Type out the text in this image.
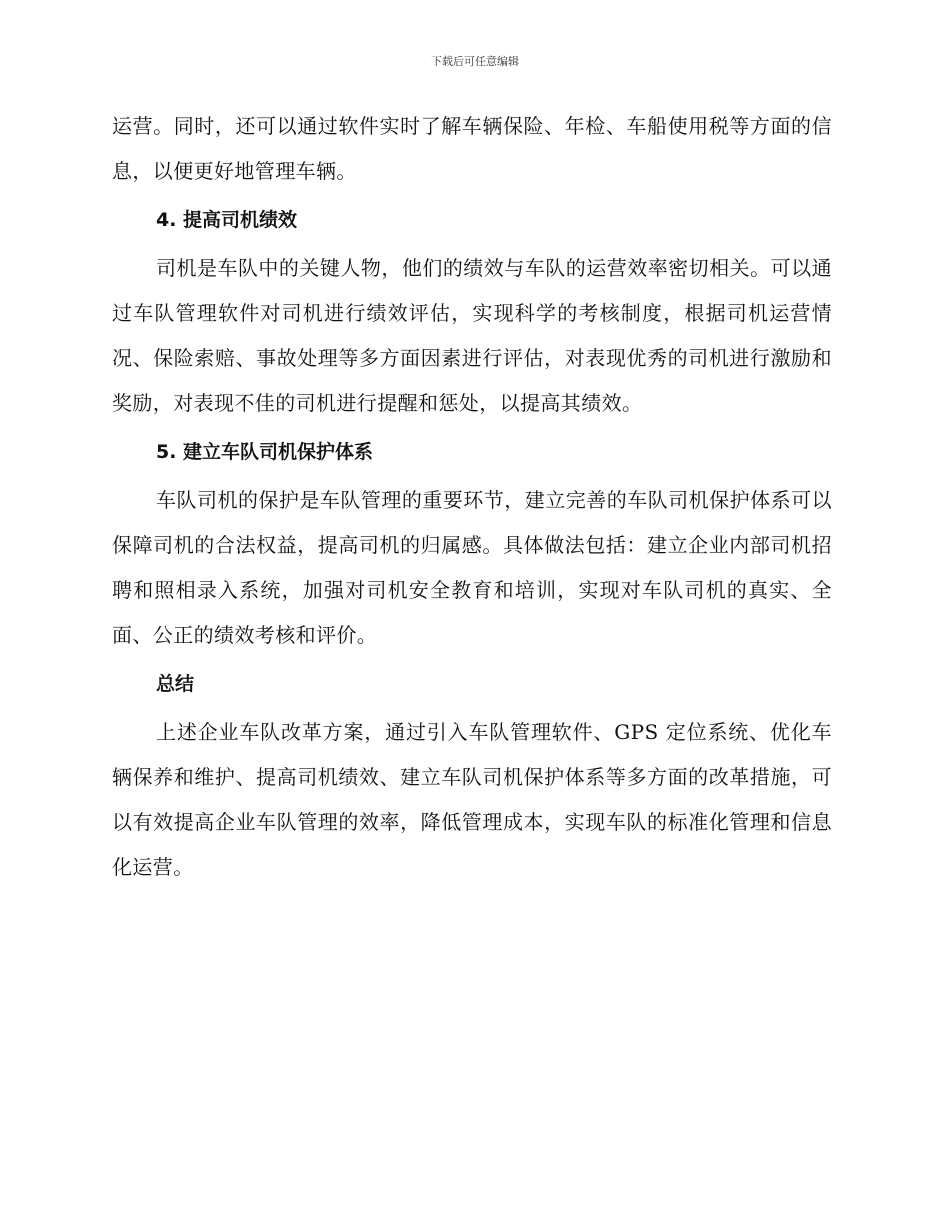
下载后可任意编辑

运营。同时，还可以通过软件实时了解车辆保险、年检、车船使用税等方面的信息，以便更好地管理车辆。

4. 提高司机绩效

司机是车队中的关键人物，他们的绩效与车队的运营效率密切相关。可以通过车队管理软件对司机进行绩效评估，实现科学的考核制度，根据司机运营情况、保险索赔、事故处理等多方面因素进行评估，对表现优秀的司机进行激励和奖励，对表现不佳的司机进行提醒和惩处，以提高其绩效。

5. 建立车队司机保护体系

车队司机的保护是车队管理的重要环节，建立完善的车队司机保护体系可以保障司机的合法权益，提高司机的归属感。具体做法包括：建立企业内部司机招聘和照相录入系统，加强对司机安全教育和培训，实现对车队司机的真实、全面、公正的绩效考核和评价。

总结

上述企业车队改革方案，通过引入车队管理软件、GPS 定位系统、优化车辆保养和维护、提高司机绩效、建立车队司机保护体系等多方面的改革措施，可以有效提高企业车队管理的效率，降低管理成本，实现车队的标准化管理和信息化运营。
